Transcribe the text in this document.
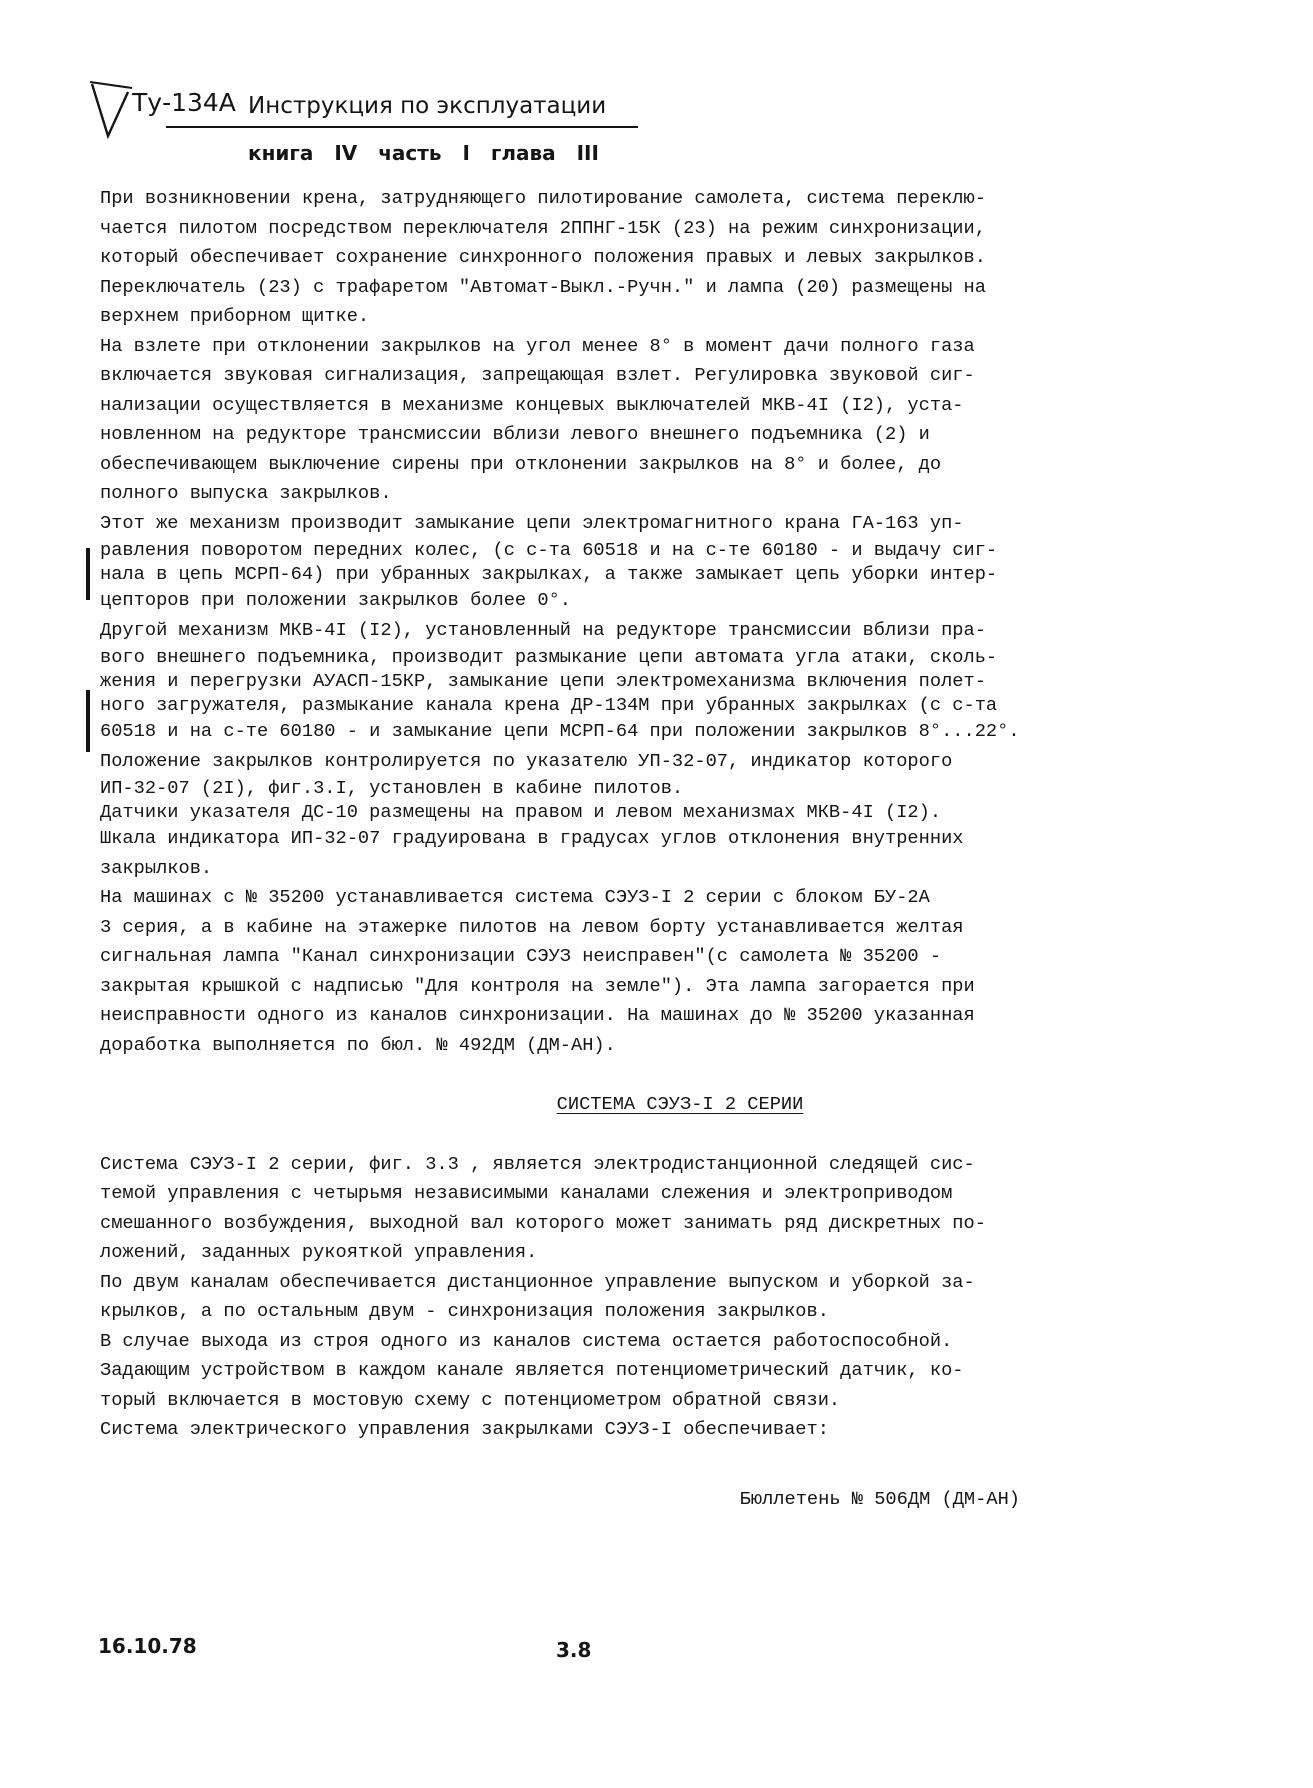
Ту-134А Инструкция по эксплуатации
книга IV часть I глава III
При возникновении крена, затрудняющего пилотирование самолета, система переклю-
чается пилотом посредством переключателя 2ППНГ-15К (23) на режим синхронизации,
который обеспечивает сохранение синхронного положения правых и левых закрылков.
Переключатель (23) с трафаретом "Автомат-Выкл.-Ручн." и лампа (20) размещены на
верхнем приборном щитке.
На взлете при отклонении закрылков на угол менее 8° в момент дачи полного газа
включается звуковая сигнализация, запрещающая взлет. Регулировка звуковой сиг-
нализации осуществляется в механизме концевых выключателей МКВ-4I (I2), уста-
новленном на редукторе трансмиссии вблизи левого внешнего подъемника (2) и
обеспечивающем выключение сирены при отклонении закрылков на 8° и более, до
полного выпуска закрылков.
Этот же механизм производит замыкание цепи электромагнитного крана ГА-163 уп-
равления поворотом передних колес, (с с-та 60518 и на с-те 60180 - и выдачу сиг-
нала в цепь МСРП-64) при убранных закрылках, а также замыкает цепь уборки интер-
цепторов при положении закрылков более 0°.
Другой механизм МКВ-4I (I2), установленный на редукторе трансмиссии вблизи пра-
вого внешнего подъемника, производит размыкание цепи автомата угла атаки, сколь-
жения и перегрузки АУАСП-15КР, замыкание цепи электромеханизма включения полет-
ного загружателя, размыкание канала крена ДР-134М при убранных закрылках (с с-та
60518 и на с-те 60180 - и замыкание цепи МСРП-64 при положении закрылков 8°...22°.
Положение закрылков контролируется по указателю УП-32-07, индикатор которого
ИП-32-07 (2I), фиг.3.I, установлен в кабине пилотов.
Датчики указателя ДС-10 размещены на правом и левом механизмах МКВ-4I (I2).
Шкала индикатора ИП-32-07 градуирована в градусах углов отклонения внутренних
закрылков.
На машинах с № 35200 устанавливается система СЭУЗ-I 2 серии с блоком БУ-2А
3 серия, а в кабине на этажерке пилотов на левом борту устанавливается желтая
сигнальная лампа "Канал синхронизации СЭУЗ неисправен"(с самолета № 35200 -
закрытая крышкой с надписью "Для контроля на земле"). Эта лампа загорается при
неисправности одного из каналов синхронизации. На машинах до № 35200 указанная
доработка выполняется по бюл. № 492ДМ (ДМ-АН).
СИСТЕМА СЭУЗ-I 2 СЕРИИ
Система СЭУЗ-I 2 серии, фиг. 3.3 , является электродистанционной следящей сис-
темой управления с четырьмя независимыми каналами слежения и электроприводом
смешанного возбуждения, выходной вал которого может занимать ряд дискретных по-
ложений, заданных рукояткой управления.
По двум каналам обеспечивается дистанционное управление выпуском и уборкой за-
крылков, а по остальным двум - синхронизация положения закрылков.
В случае выхода из строя одного из каналов система остается работоспособной.
Задающим устройством в каждом канале является потенциометрический датчик, ко-
торый включается в мостовую схему с потенциометром обратной связи.
Система электрического управления закрылками СЭУЗ-I обеспечивает:
Бюллетень № 506ДМ (ДМ-АН)
16.10.78	3.8
